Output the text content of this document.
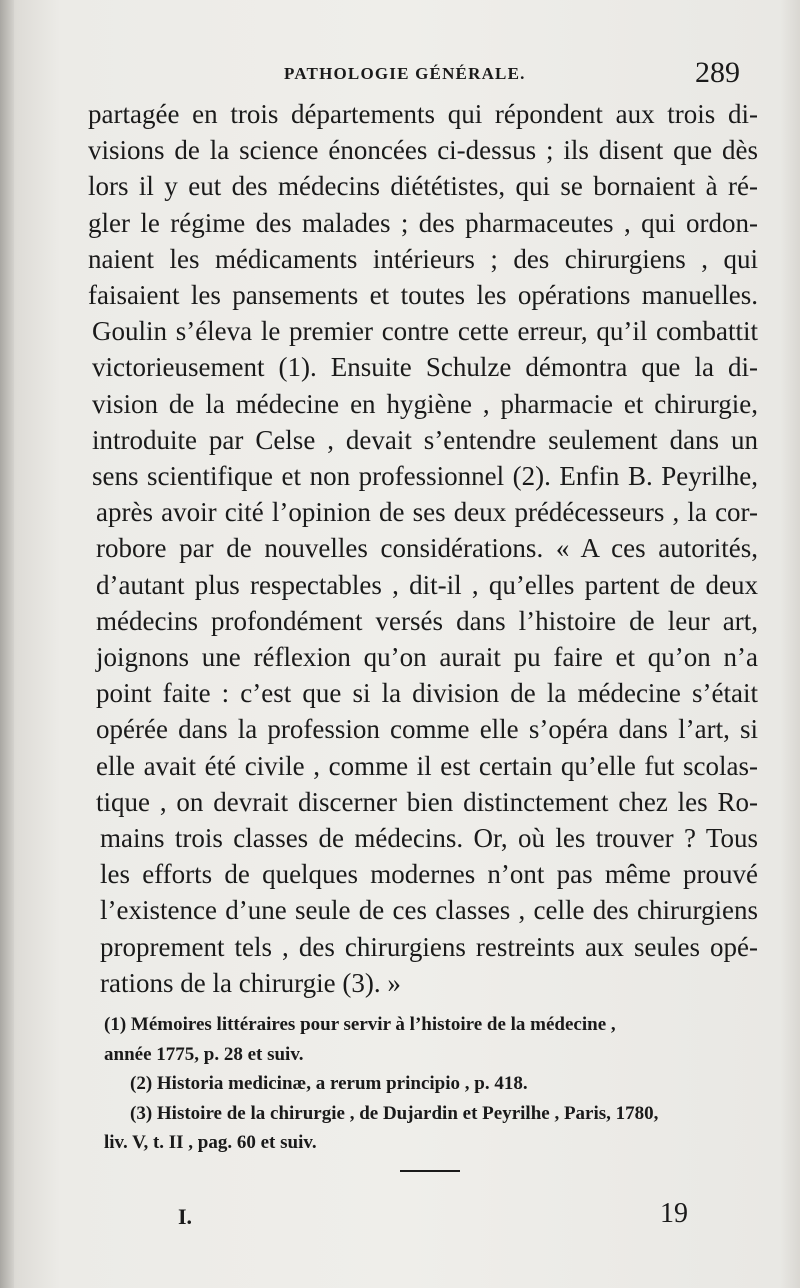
PATHOLOGIE GÉNÉRALE.	289
partagée en trois départements qui répondent aux trois di-
visions de la science énoncées ci-dessus ; ils disent que dès
lors il y eut des médecins diététistes, qui se bornaient à ré-
gler le régime des malades ; des pharmaceutes , qui ordon-
naient les médicaments intérieurs ; des chirurgiens , qui
faisaient les pansements et toutes les opérations manuelles.
Goulin s’éleva le premier contre cette erreur, qu’il combattit
victorieusement (1). Ensuite Schulze démontra que la di-
vision de la médecine en hygiène , pharmacie et chirurgie,
introduite par Celse , devait s’entendre seulement dans un
sens scientifique et non professionnel (2). Enfin B. Peyrilhe,
après avoir cité l’opinion de ses deux prédécesseurs , la cor-
robore par de nouvelles considérations. « A ces autorités,
d’autant plus respectables , dit-il , qu’elles partent de deux
médecins profondément versés dans l’histoire de leur art,
joignons une réflexion qu’on aurait pu faire et qu’on n’a
point faite : c’est que si la division de la médecine s’était
opérée dans la profession comme elle s’opéra dans l’art, si
elle avait été civile , comme il est certain qu’elle fut scolas-
tique , on devrait discerner bien distinctement chez les Ro-
mains trois classes de médecins. Or, où les trouver ? Tous
les efforts de quelques modernes n’ont pas même prouvé
l’existence d’une seule de ces classes , celle des chirurgiens
proprement tels , des chirurgiens restreints aux seules opé-
rations de la chirurgie (3). »
(1) Mémoires littéraires pour servir à l’histoire de la médecine ,
année 1775, p. 28 et suiv.
(2) Historia medicinæ, a rerum principio , p. 418.
(3) Histoire de la chirurgie , de Dujardin et Peyrilhe , Paris, 1780,
liv. V, t. II , pag. 60 et suiv.
I.	19
